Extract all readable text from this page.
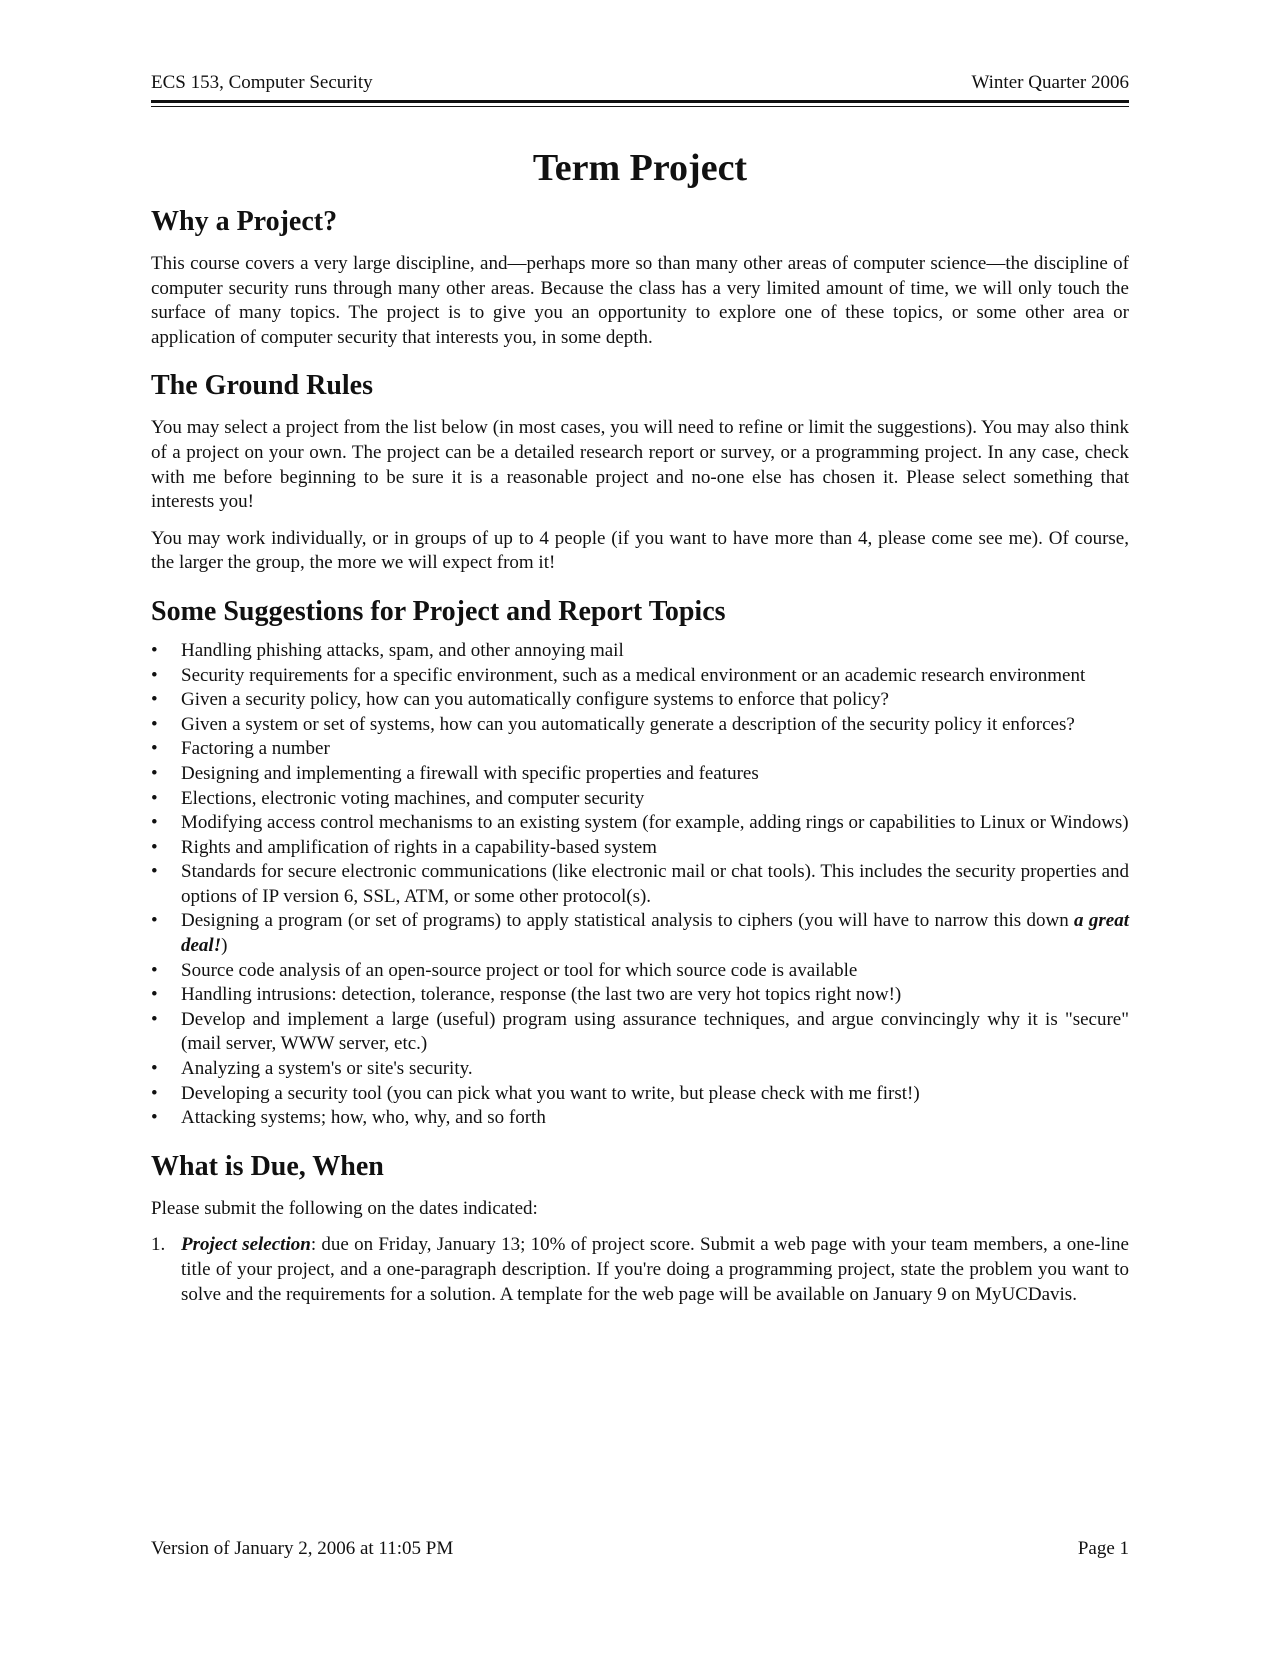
ECS 153, Computer Security	Winter Quarter 2006
Term Project
Why a Project?

This course covers a very large discipline, and—perhaps more so than many other areas of computer science—the discipline of computer security runs through many other areas. Because the class has a very limited amount of time, we will only touch the surface of many topics. The project is to give you an opportunity to explore one of these topics, or some other area or application of computer security that interests you, in some depth.

The Ground Rules

You may select a project from the list below (in most cases, you will need to refine or limit the suggestions). You may also think of a project on your own. The project can be a detailed research report or survey, or a programming project. In any case, check with me before beginning to be sure it is a reasonable project and no-one else has chosen it. Please select something that interests you!

You may work individually, or in groups of up to 4 people (if you want to have more than 4, please come see me). Of course, the larger the group, the more we will expect from it!

Some Suggestions for Project and Report Topics
• Handling phishing attacks, spam, and other annoying mail
• Security requirements for a specific environment, such as a medical environment or an academic research environment
• Given a security policy, how can you automatically configure systems to enforce that policy?
• Given a system or set of systems, how can you automatically generate a description of the security policy it enforces?
• Factoring a number
• Designing and implementing a firewall with specific properties and features
• Elections, electronic voting machines, and computer security
• Modifying access control mechanisms to an existing system (for example, adding rings or capabilities to Linux or Windows)
• Rights and amplification of rights in a capability-based system
• Standards for secure electronic communications (like electronic mail or chat tools). This includes the security properties and options of IP version 6, SSL, ATM, or some other protocol(s).
• Designing a program (or set of programs) to apply statistical analysis to ciphers (you will have to narrow this down a great deal!)
• Source code analysis of an open-source project or tool for which source code is available
• Handling intrusions: detection, tolerance, response (the last two are very hot topics right now!)
• Develop and implement a large (useful) program using assurance techniques, and argue convincingly why it is "secure" (mail server, WWW server, etc.)
• Analyzing a system's or site's security.
• Developing a security tool (you can pick what you want to write, but please check with me first!)
• Attacking systems; how, who, why, and so forth
What is Due, When

Please submit the following on the dates indicated:

1. Project selection: due on Friday, January 13; 10% of project score. Submit a web page with your team members, a one-line title of your project, and a one-paragraph description. If you're doing a programming project, state the problem you want to solve and the requirements for a solution. A template for the web page will be available on January 9 on MyUCDavis.
Version of January 2, 2006 at 11:05 PM	Page 1
